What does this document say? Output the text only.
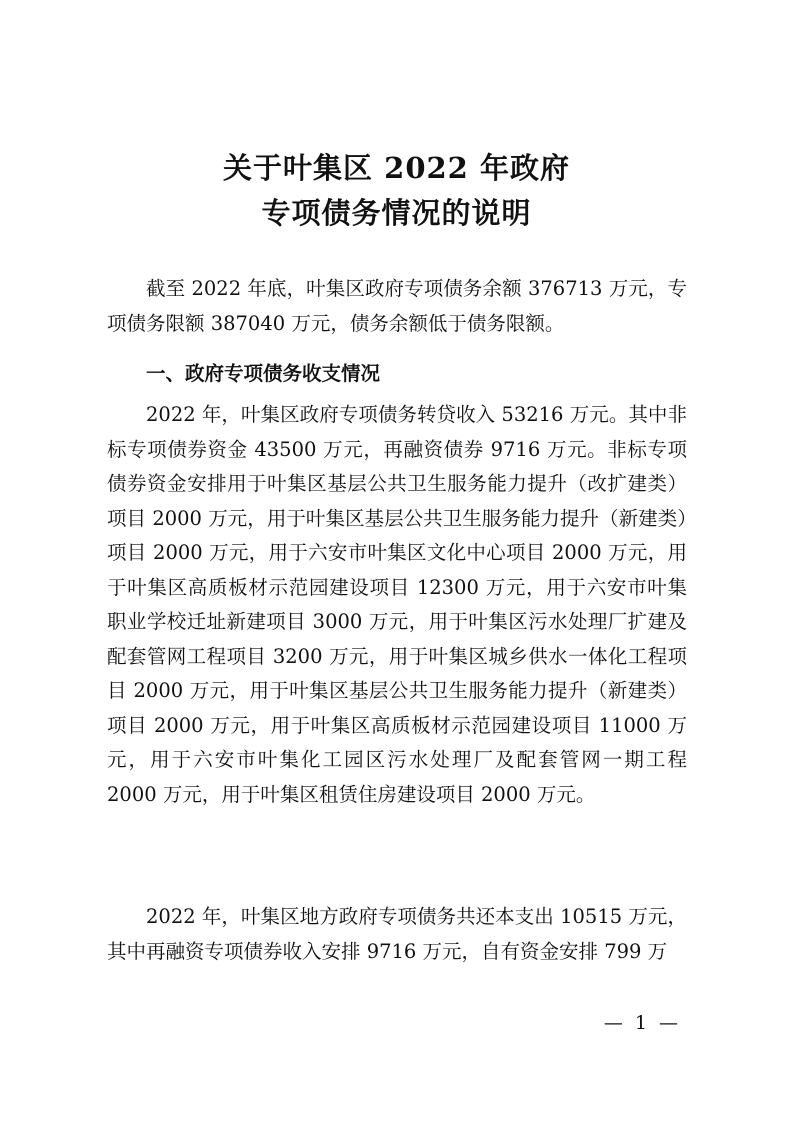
关于叶集区 2022 年政府
专项债务情况的说明
截至 2022 年底，叶集区政府专项债务余额 376713 万元，专项债务限额 387040 万元，债务余额低于债务限额。
一、政府专项债务收支情况
2022 年，叶集区政府专项债务转贷收入 53216 万元。其中非标专项债券资金 43500 万元，再融资债券 9716 万元。非标专项债券资金安排用于叶集区基层公共卫生服务能力提升（改扩建类）项目 2000 万元，用于叶集区基层公共卫生服务能力提升（新建类）项目 2000 万元，用于六安市叶集区文化中心项目 2000 万元，用于叶集区高质板材示范园建设项目 12300 万元，用于六安市叶集职业学校迁址新建项目 3000 万元，用于叶集区污水处理厂扩建及配套管网工程项目 3200 万元，用于叶集区城乡供水一体化工程项目 2000 万元，用于叶集区基层公共卫生服务能力提升（新建类）项目 2000 万元，用于叶集区高质板材示范园建设项目 11000 万元，用于六安市叶集化工园区污水处理厂及配套管网一期工程 2000 万元，用于叶集区租赁住房建设项目 2000 万元。
2022 年，叶集区地方政府专项债务共还本支出 10515 万元，其中再融资专项债券收入安排 9716 万元，自有资金安排 799 万
— 1 —
